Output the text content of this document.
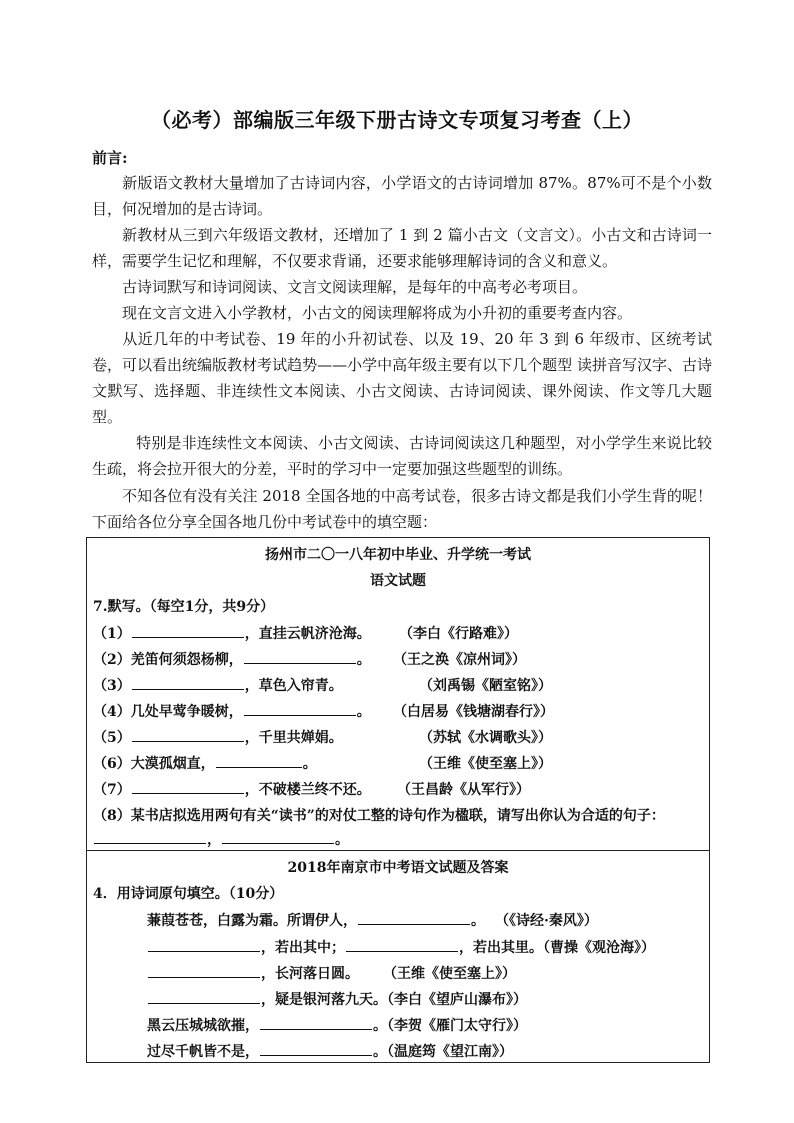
（必考）部编版三年级下册古诗文专项复习考查（上）
前言:
新版语文教材大量增加了古诗词内容，小学语文的古诗词增加 87%。87%可不是个小数目，何况增加的是古诗词。
新教材从三到六年级语文教材，还增加了 1 到 2 篇小古文（文言文）。小古文和古诗词一样，需要学生记忆和理解，不仅要求背诵，还要求能够理解诗词的含义和意义。
古诗词默写和诗词阅读、文言文阅读理解，是每年的中高考必考项目。
现在文言文进入小学教材，小古文的阅读理解将成为小升初的重要考查内容。
从近几年的中考试卷、19 年的小升初试卷、以及 19、20 年 3 到 6 年级市、区统考试卷，可以看出统编版教材考试趋势——小学中高年级主要有以下几个题型 读拼音写汉字、古诗文默写、选择题、非连续性文本阅读、小古文阅读、古诗词阅读、课外阅读、作文等几大题型。
特别是非连续性文本阅读、小古文阅读、古诗词阅读这几种题型，对小学学生来说比较生疏，将会拉开很大的分差，平时的学习中一定要加强这些题型的训练。
不知各位有没有关注 2018 全国各地的中高考试卷，很多古诗文都是我们小学生背的呢！下面给各位分享全国各地几份中考试卷中的填空题：
扬州市二〇一八年初中毕业、升学统一考试
语文试题
7.默写。（每空1分，共9分）
（1）	，直挂云帆济沧海。 （李白《行路难》）
（2）羌笛何须怨杨柳，	。 （王之涣《凉州词》）
（3）	，草色入帘青。	（刘禹锡《陋室铭》）
（4）几处早莺争暖树，	。 （白居易《钱塘湖春行》）
（5）	，千里共婵娟。	（苏轼《水调歌头》）
（6）大漠孤烟直，	。	（王维《使至塞上》）
（7）	，不破楼兰终不还。 （王昌龄《从军行》）
（8）某书店拟选用两句有关“读书”的对仗工整的诗句作为楹联，请写出你认为合适的句子：
，	。
2018年南京市中考语文试题及答案
4．用诗词原句填空。（10分）
蒹葭苍苍，白露为霜。所谓伊人，	。 （《诗经·秦风》）
，若出其中；	，若出其里。（曹操《观沧海》）
，长河落日圆。 （王维《使至塞上》）
，疑是银河落九天。（李白《望庐山瀑布》）
黑云压城城欲摧，	。（李贺《雁门太守行》）
过尽千帆皆不是，	。（温庭筠《望江南》）
